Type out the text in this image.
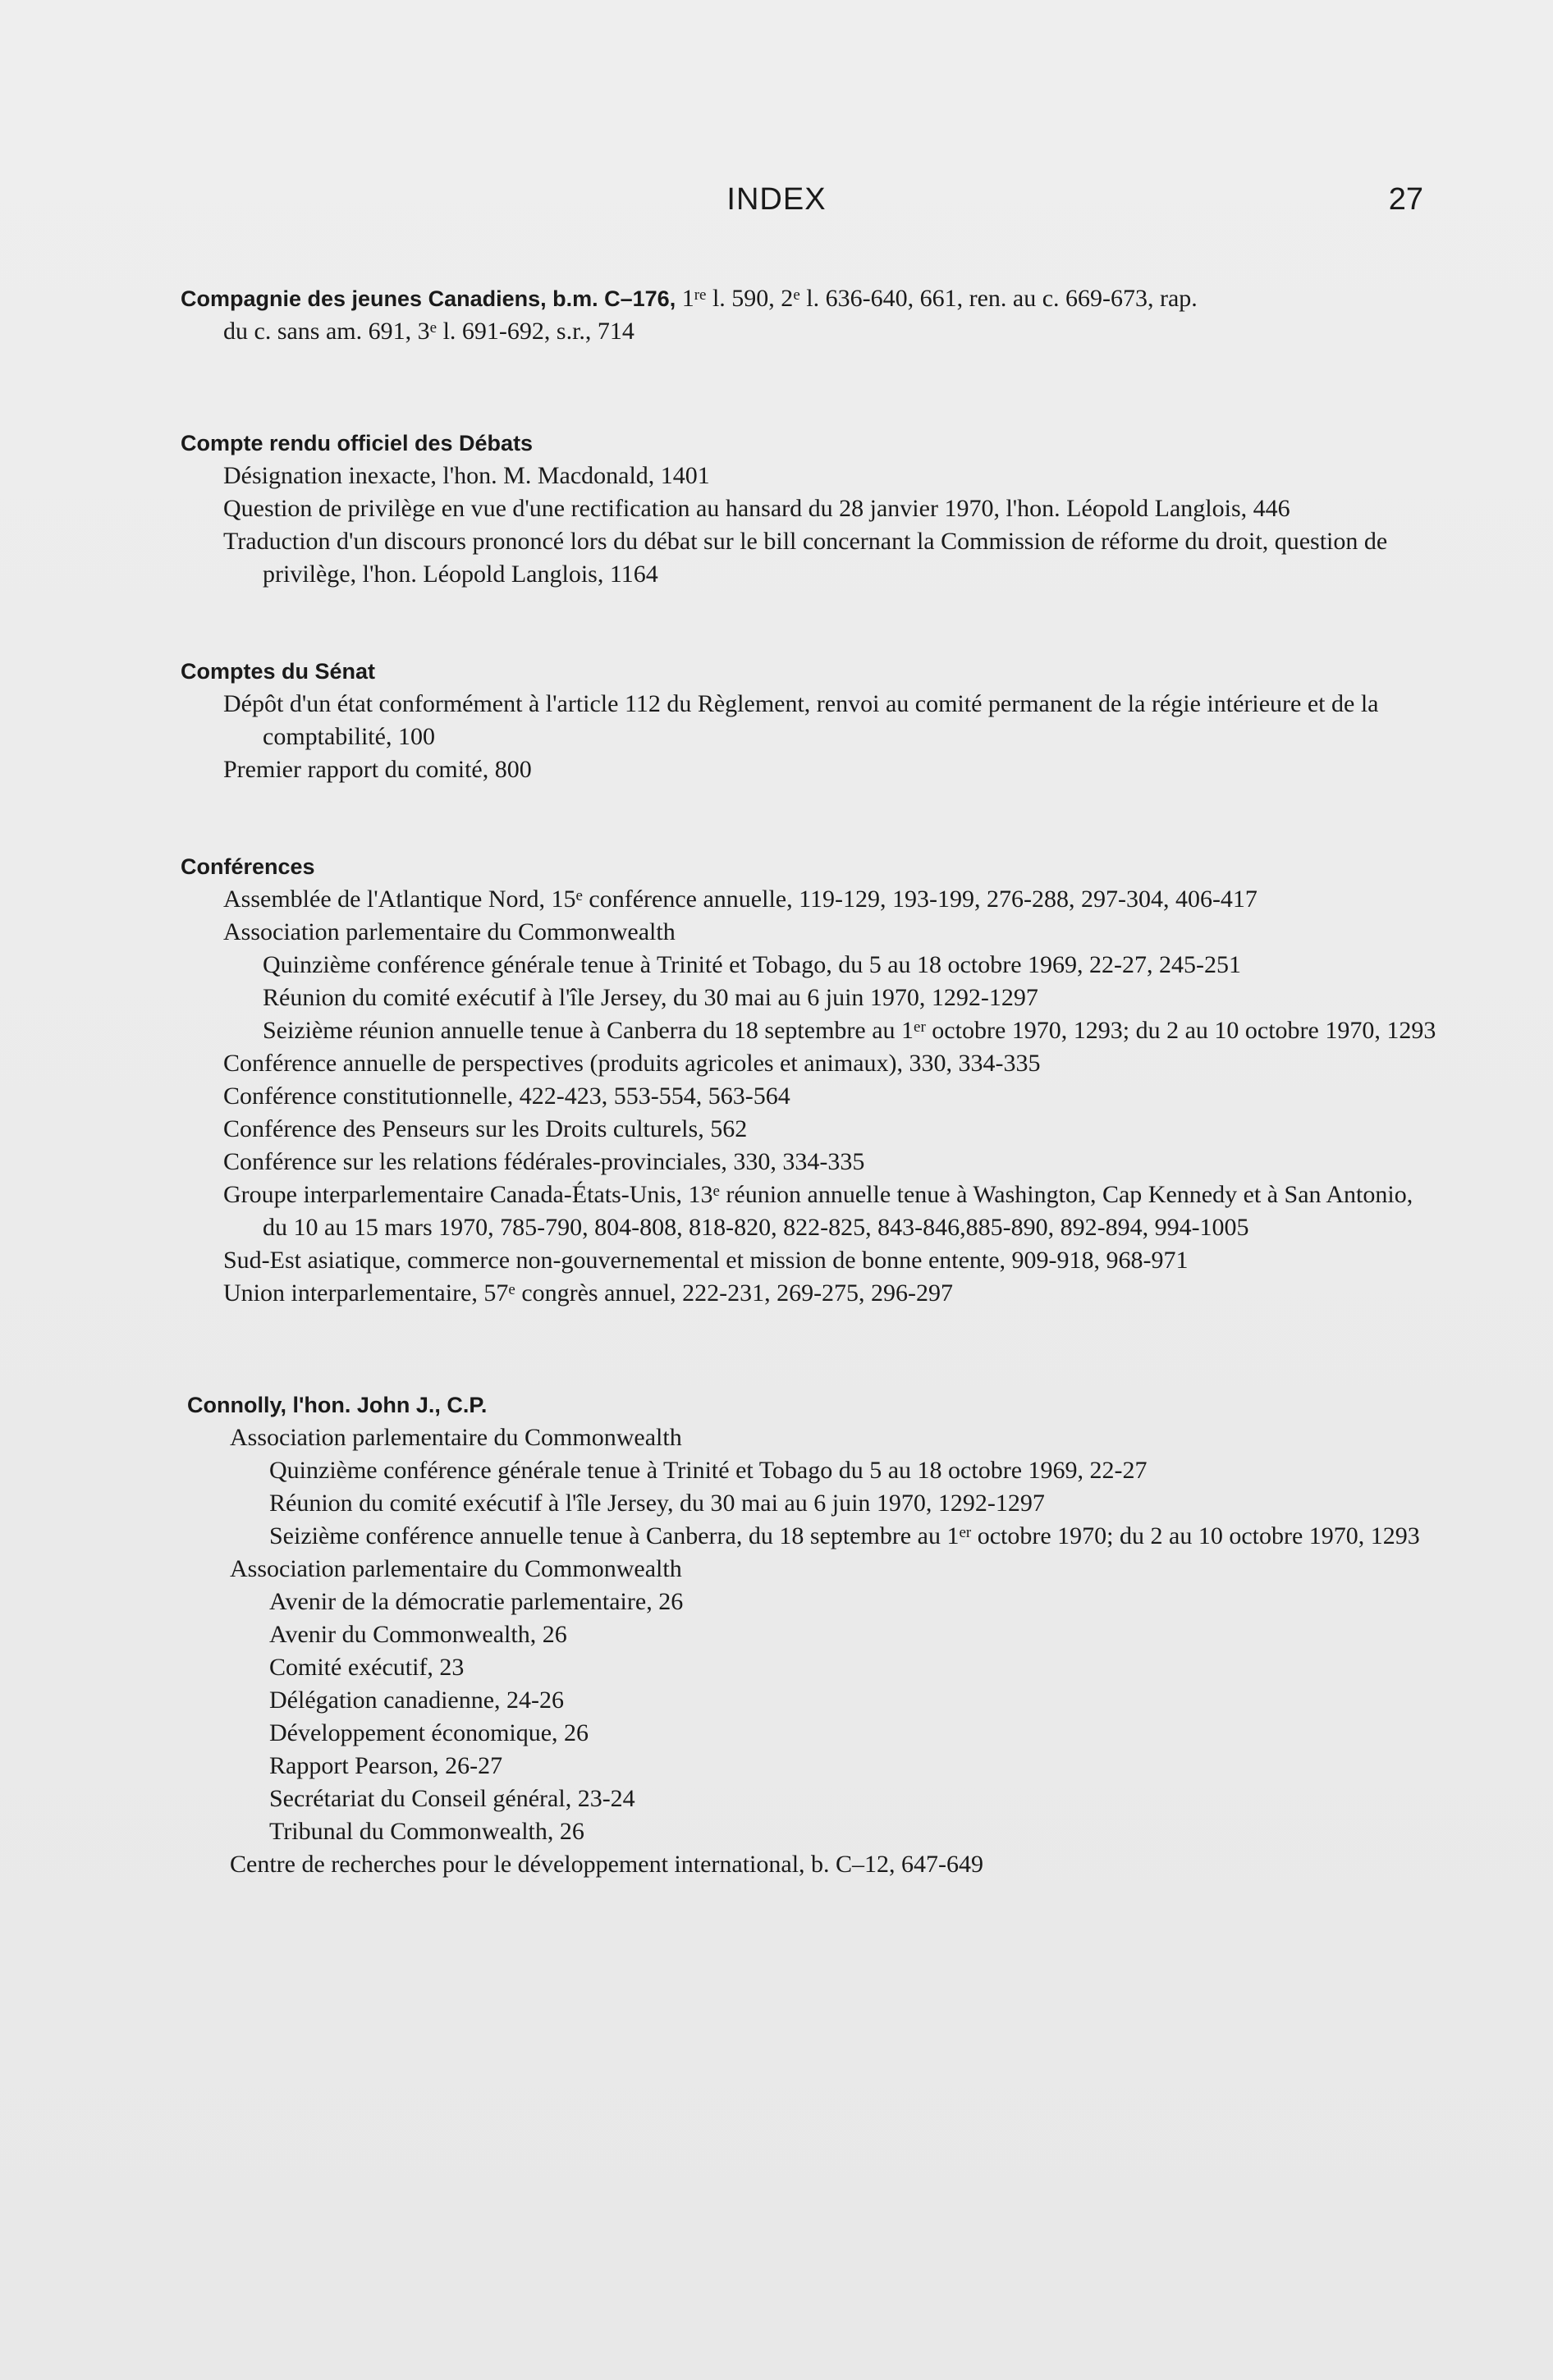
INDEX	27

Compagnie des jeunes Canadiens, b.m. C–176, 1re l. 590, 2e l. 636-640, 661, ren. au c. 669-673, rap.

du c. sans am. 691, 3e l. 691-692, s.r., 714

Compte rendu officiel des Débats

Désignation inexacte, l'hon. M. Macdonald, 1401

Question de privilège en vue d'une rectification au hansard du 28 janvier 1970, l'hon. Léopold Langlois, 446

Traduction d'un discours prononcé lors du débat sur le bill concernant la Commission de réforme du droit, question de privilège, l'hon. Léopold Langlois, 1164

Comptes du Sénat

Dépôt d'un état conformément à l'article 112 du Règlement, renvoi au comité permanent de la régie intérieure et de la comptabilité, 100

Premier rapport du comité, 800

Conférences

Assemblée de l'Atlantique Nord, 15e conférence annuelle, 119-129, 193-199, 276-288, 297-304, 406-417

Association parlementaire du Commonwealth

Quinzième conférence générale tenue à Trinité et Tobago, du 5 au 18 octobre 1969, 22-27, 245-251

Réunion du comité exécutif à l'île Jersey, du 30 mai au 6 juin 1970, 1292-1297

Seizième réunion annuelle tenue à Canberra du 18 septembre au 1er octobre 1970, 1293; du 2 au 10 octobre 1970, 1293

Conférence annuelle de perspectives (produits agricoles et animaux), 330, 334-335

Conférence constitutionnelle, 422-423, 553-554, 563-564

Conférence des Penseurs sur les Droits culturels, 562

Conférence sur les relations fédérales-provinciales, 330, 334-335

Groupe interparlementaire Canada-États-Unis, 13e réunion annuelle tenue à Washington, Cap Kennedy et à San Antonio, du 10 au 15 mars 1970, 785-790, 804-808, 818-820, 822-825, 843-846,885-890, 892-894, 994-1005

Sud-Est asiatique, commerce non-gouvernemental et mission de bonne entente, 909-918, 968-971

Union interparlementaire, 57e congrès annuel, 222-231, 269-275, 296-297

Connolly, l'hon. John J., C.P.

Association parlementaire du Commonwealth

Quinzième conférence générale tenue à Trinité et Tobago du 5 au 18 octobre 1969, 22-27

Réunion du comité exécutif à l'île Jersey, du 30 mai au 6 juin 1970, 1292-1297

Seizième conférence annuelle tenue à Canberra, du 18 septembre au 1er octobre 1970; du 2 au 10 octobre 1970, 1293

Association parlementaire du Commonwealth

Avenir de la démocratie parlementaire, 26

Avenir du Commonwealth, 26

Comité exécutif, 23

Délégation canadienne, 24-26

Développement économique, 26

Rapport Pearson, 26-27

Secrétariat du Conseil général, 23-24

Tribunal du Commonwealth, 26

Centre de recherches pour le développement international, b. C–12, 647-649
